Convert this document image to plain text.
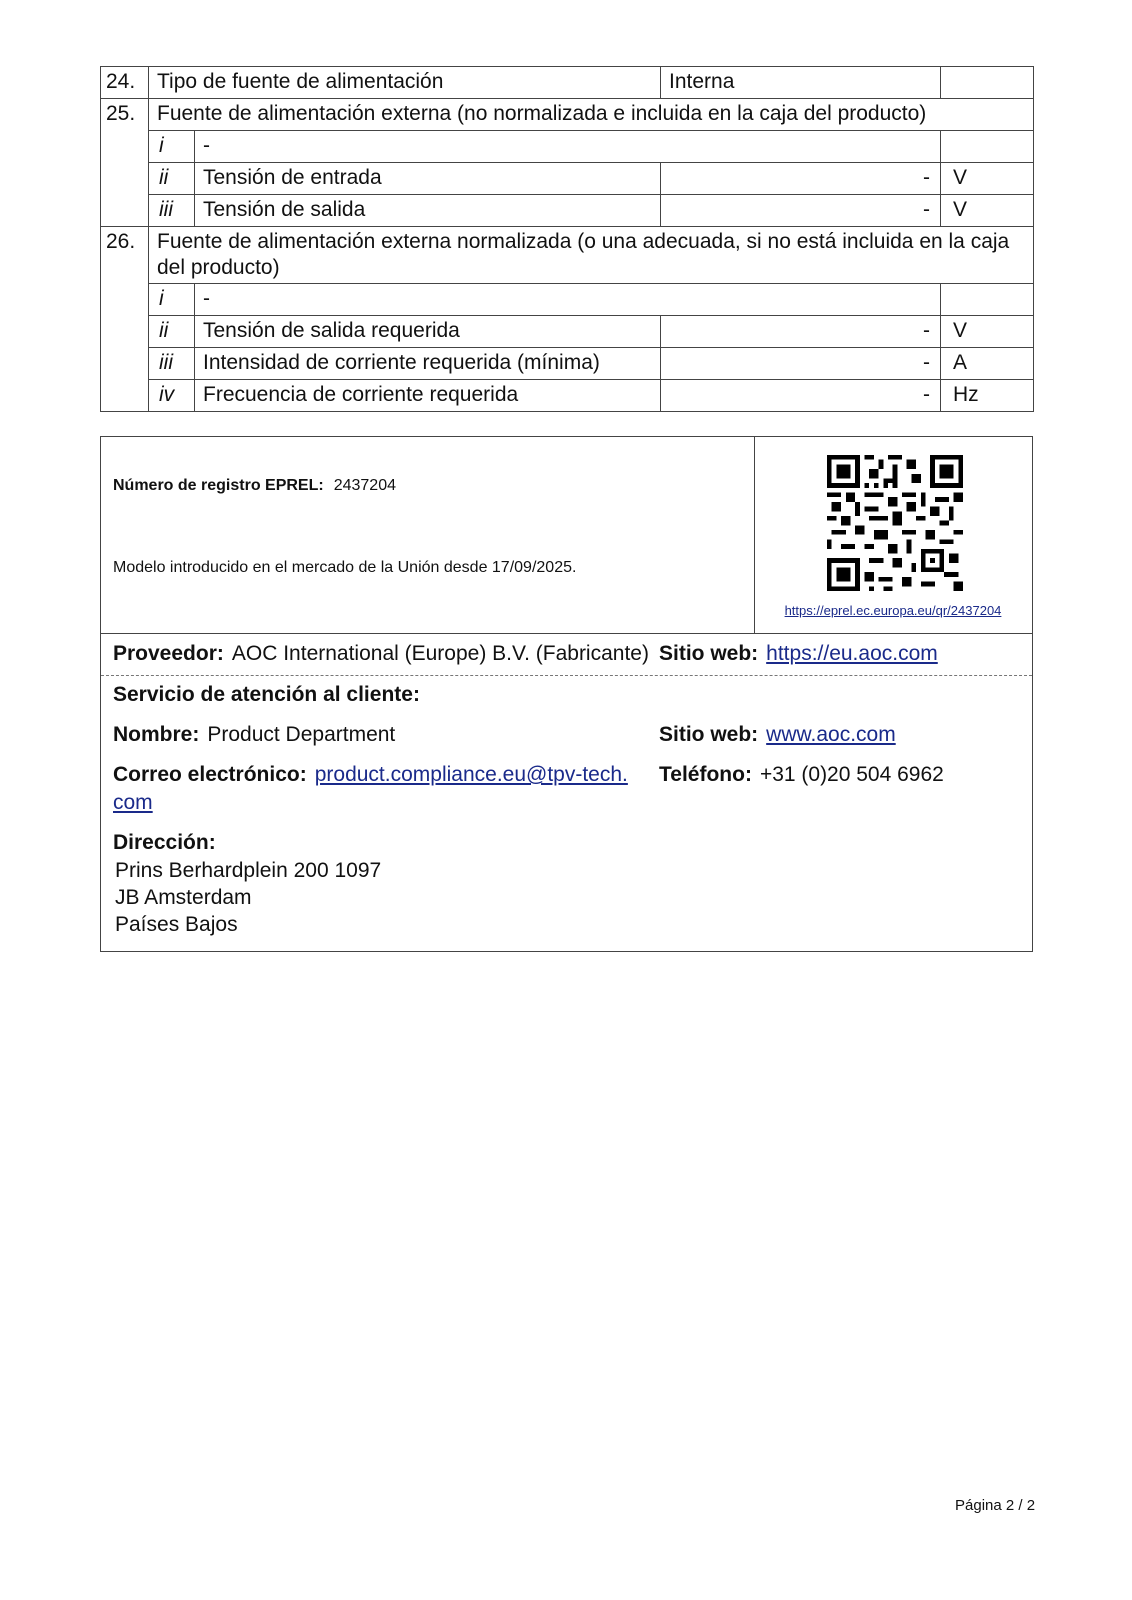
24.	Tipo de fuente de alimentación		Interna	
25.	Fuente de alimentación externa (no normalizada e incluida en la caja del producto)			
	i	-		
	ii	Tensión de entrada	-	V
	iii	Tensión de salida	-	V
26.	Fuente de alimentación externa normalizada (o una adecuada, si no está incluida en la caja del producto)			
	i	-		
	ii	Tensión de salida requerida	-	V
	iii	Intensidad de corriente requerida (mínima)	-	A
	iv	Frecuencia de corriente requerida	-	Hz
Número de registro EPREL: 2437204
Modelo introducido en el mercado de la Unión desde 17/09/2025.
https://eprel.ec.europa.eu/qr/2437204
Proveedor: AOC International (Europe) B.V. (Fabricante) Sitio web: https://eu.aoc.com
Servicio de atención al cliente:
Nombre: Product Department	Sitio web: www.aoc.com
Correo electrónico: product.compliance.eu@tpv-tech.com
Teléfono: +31 (0)20 504 6962
Dirección:
Prins Berhardplein 200 1097
JB Amsterdam
Países Bajos
Página 2 / 2
